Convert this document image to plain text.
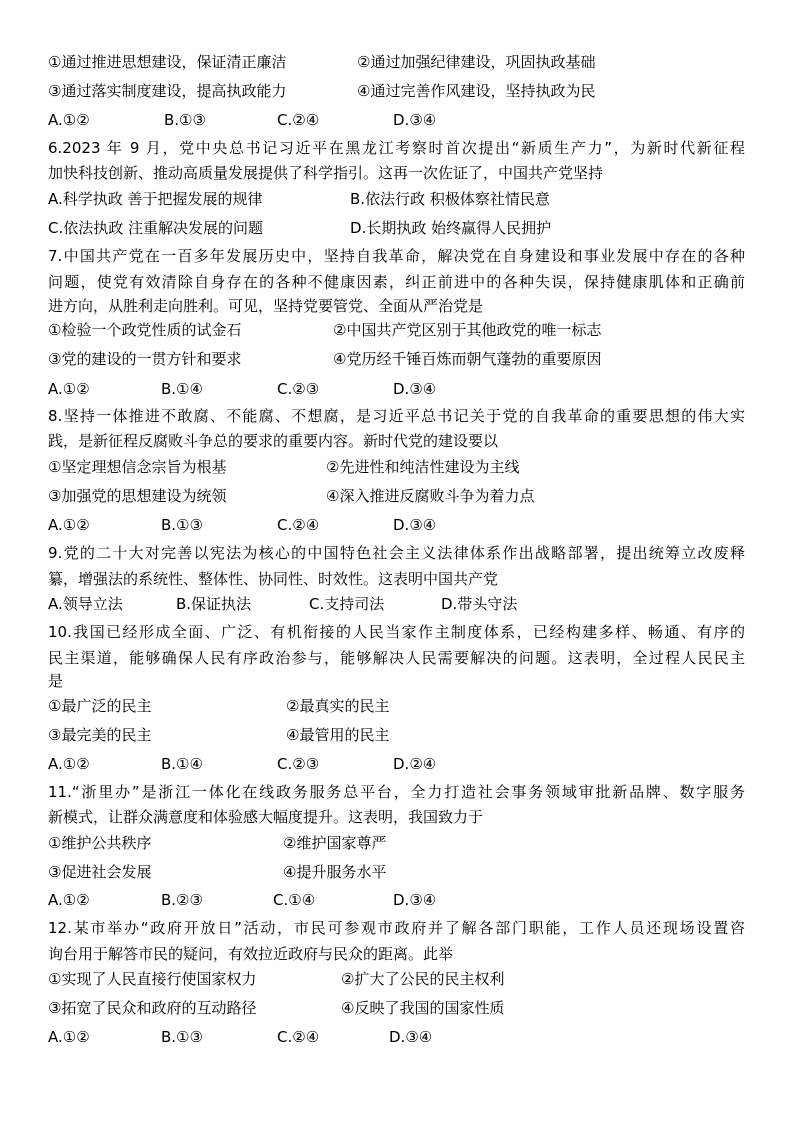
①通过推进思想建设，保证清正廉洁	②通过加强纪律建设，巩固执政基础
③通过落实制度建设，提高执政能力	④通过完善作风建设，坚持执政为民
A.①②	B.①③	C.②④	D.③④
6.2023 年 9 月，党中央总书记习近平在黑龙江考察时首次提出“新质生产力”，为新时代新征程
加快科技创新、推动高质量发展提供了科学指引。这再一次佐证了，中国共产党坚持
A.科学执政 善于把握发展的规律	B.依法行政 积极体察社情民意
C.依法执政 注重解决发展的问题	D.长期执政 始终赢得人民拥护
7.中国共产党在一百多年发展历史中，坚持自我革命，解决党在自身建设和事业发展中存在的各种
问题，使党有效清除自身存在的各种不健康因素，纠正前进中的各种失误，保持健康肌体和正确前
进方向，从胜利走向胜利。可见，坚持党要管党、全面从严治党是
①检验一个政党性质的试金石	②中国共产党区别于其他政党的唯一标志
③党的建设的一贯方针和要求	④党历经千锤百炼而朝气蓬勃的重要原因
A.①②	B.①④	C.②③	D.③④
8.坚持一体推进不敢腐、不能腐、不想腐，是习近平总书记关于党的自我革命的重要思想的伟大实
践，是新征程反腐败斗争总的要求的重要内容。新时代党的建设要以
①坚定理想信念宗旨为根基	②先进性和纯洁性建设为主线
③加强党的思想建设为统领	④深入推进反腐败斗争为着力点
A.①②	B.①③	C.②④	D.③④
9.党的二十大对完善以宪法为核心的中国特色社会主义法律体系作出战略部署，提出统筹立改废释
纂，增强法的系统性、整体性、协同性、时效性。这表明中国共产党
A.领导立法	B.保证执法	C.支持司法	D.带头守法
10.我国已经形成全面、广泛、有机衔接的人民当家作主制度体系，已经构建多样、畅通、有序的
民主渠道，能够确保人民有序政治参与，能够解决人民需要解决的问题。这表明，全过程人民民主
是
①最广泛的民主	②最真实的民主
③最完美的民主	④最管用的民主
A.①②	B.①④	C.②③	D.②④
11.“浙里办”是浙江一体化在线政务服务总平台，全力打造社会事务领域审批新品牌、数字服务
新模式，让群众满意度和体验感大幅度提升。这表明，我国致力于
①维护公共秩序	②维护国家尊严
③促进社会发展	④提升服务水平
A.①②	B.②③	C.①④	D.③④
12.某市举办“政府开放日”活动，市民可参观市政府并了解各部门职能，工作人员还现场设置咨
询台用于解答市民的疑问，有效拉近政府与民众的距离。此举
①实现了人民直接行使国家权力	②扩大了公民的民主权利
③拓宽了民众和政府的互动路径	④反映了我国的国家性质
A.①②	B.①③	C.②④	D.③④
